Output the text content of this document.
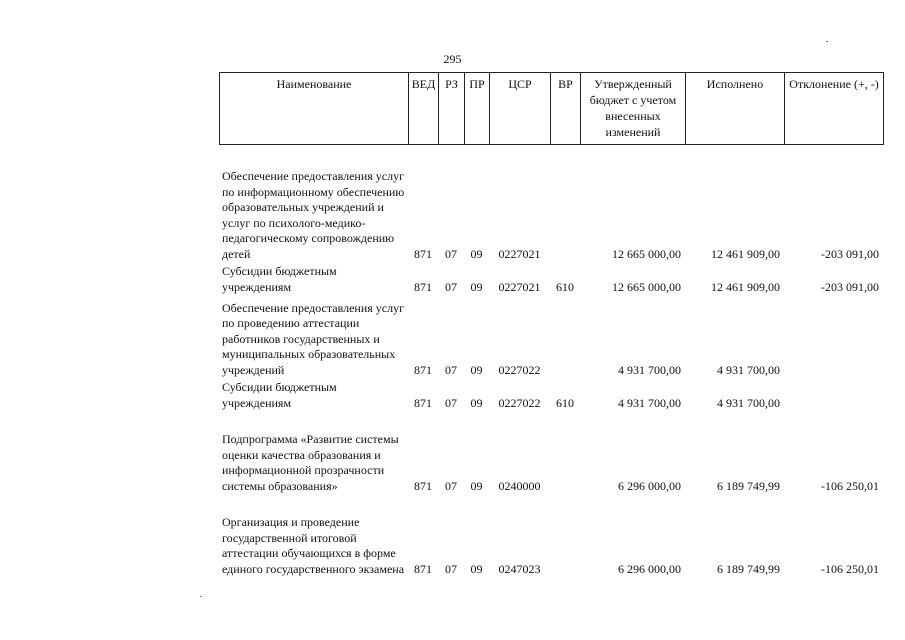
295
Наименование	ВЕД	РЗ	ПР	ЦСР	ВР	Утвержденный бюджет с учетом внесенных изменений	Исполнено	Отклонение (+, -)
Обеспечение предоставления услуг по информационному обеспечению образовательных учреждений и услуг по психолого-медико-педагогическому сопровождению детей	871	07	09	0227021		12 665 000,00	12 461 909,00	-203 091,00
Субсидии бюджетным учреждениям	871	07	09	0227021	610	12 665 000,00	12 461 909,00	-203 091,00
Обеспечение предоставления услуг по проведению аттестации работников государственных и муниципальных образовательных учреждений	871	07	09	0227022		4 931 700,00	4 931 700,00	
Субсидии бюджетным учреждениям	871	07	09	0227022	610	4 931 700,00	4 931 700,00	
Подпрограмма «Развитие системы оценки качества образования и информационной прозрачности системы образования»	871	07	09	0240000		6 296 000,00	6 189 749,99	-106 250,01
Организация и проведение государственной итоговой аттестации обучающихся в форме единого государственного экзамена	871	07	09	0247023		6 296 000,00	6 189 749,99	-106 250,01
